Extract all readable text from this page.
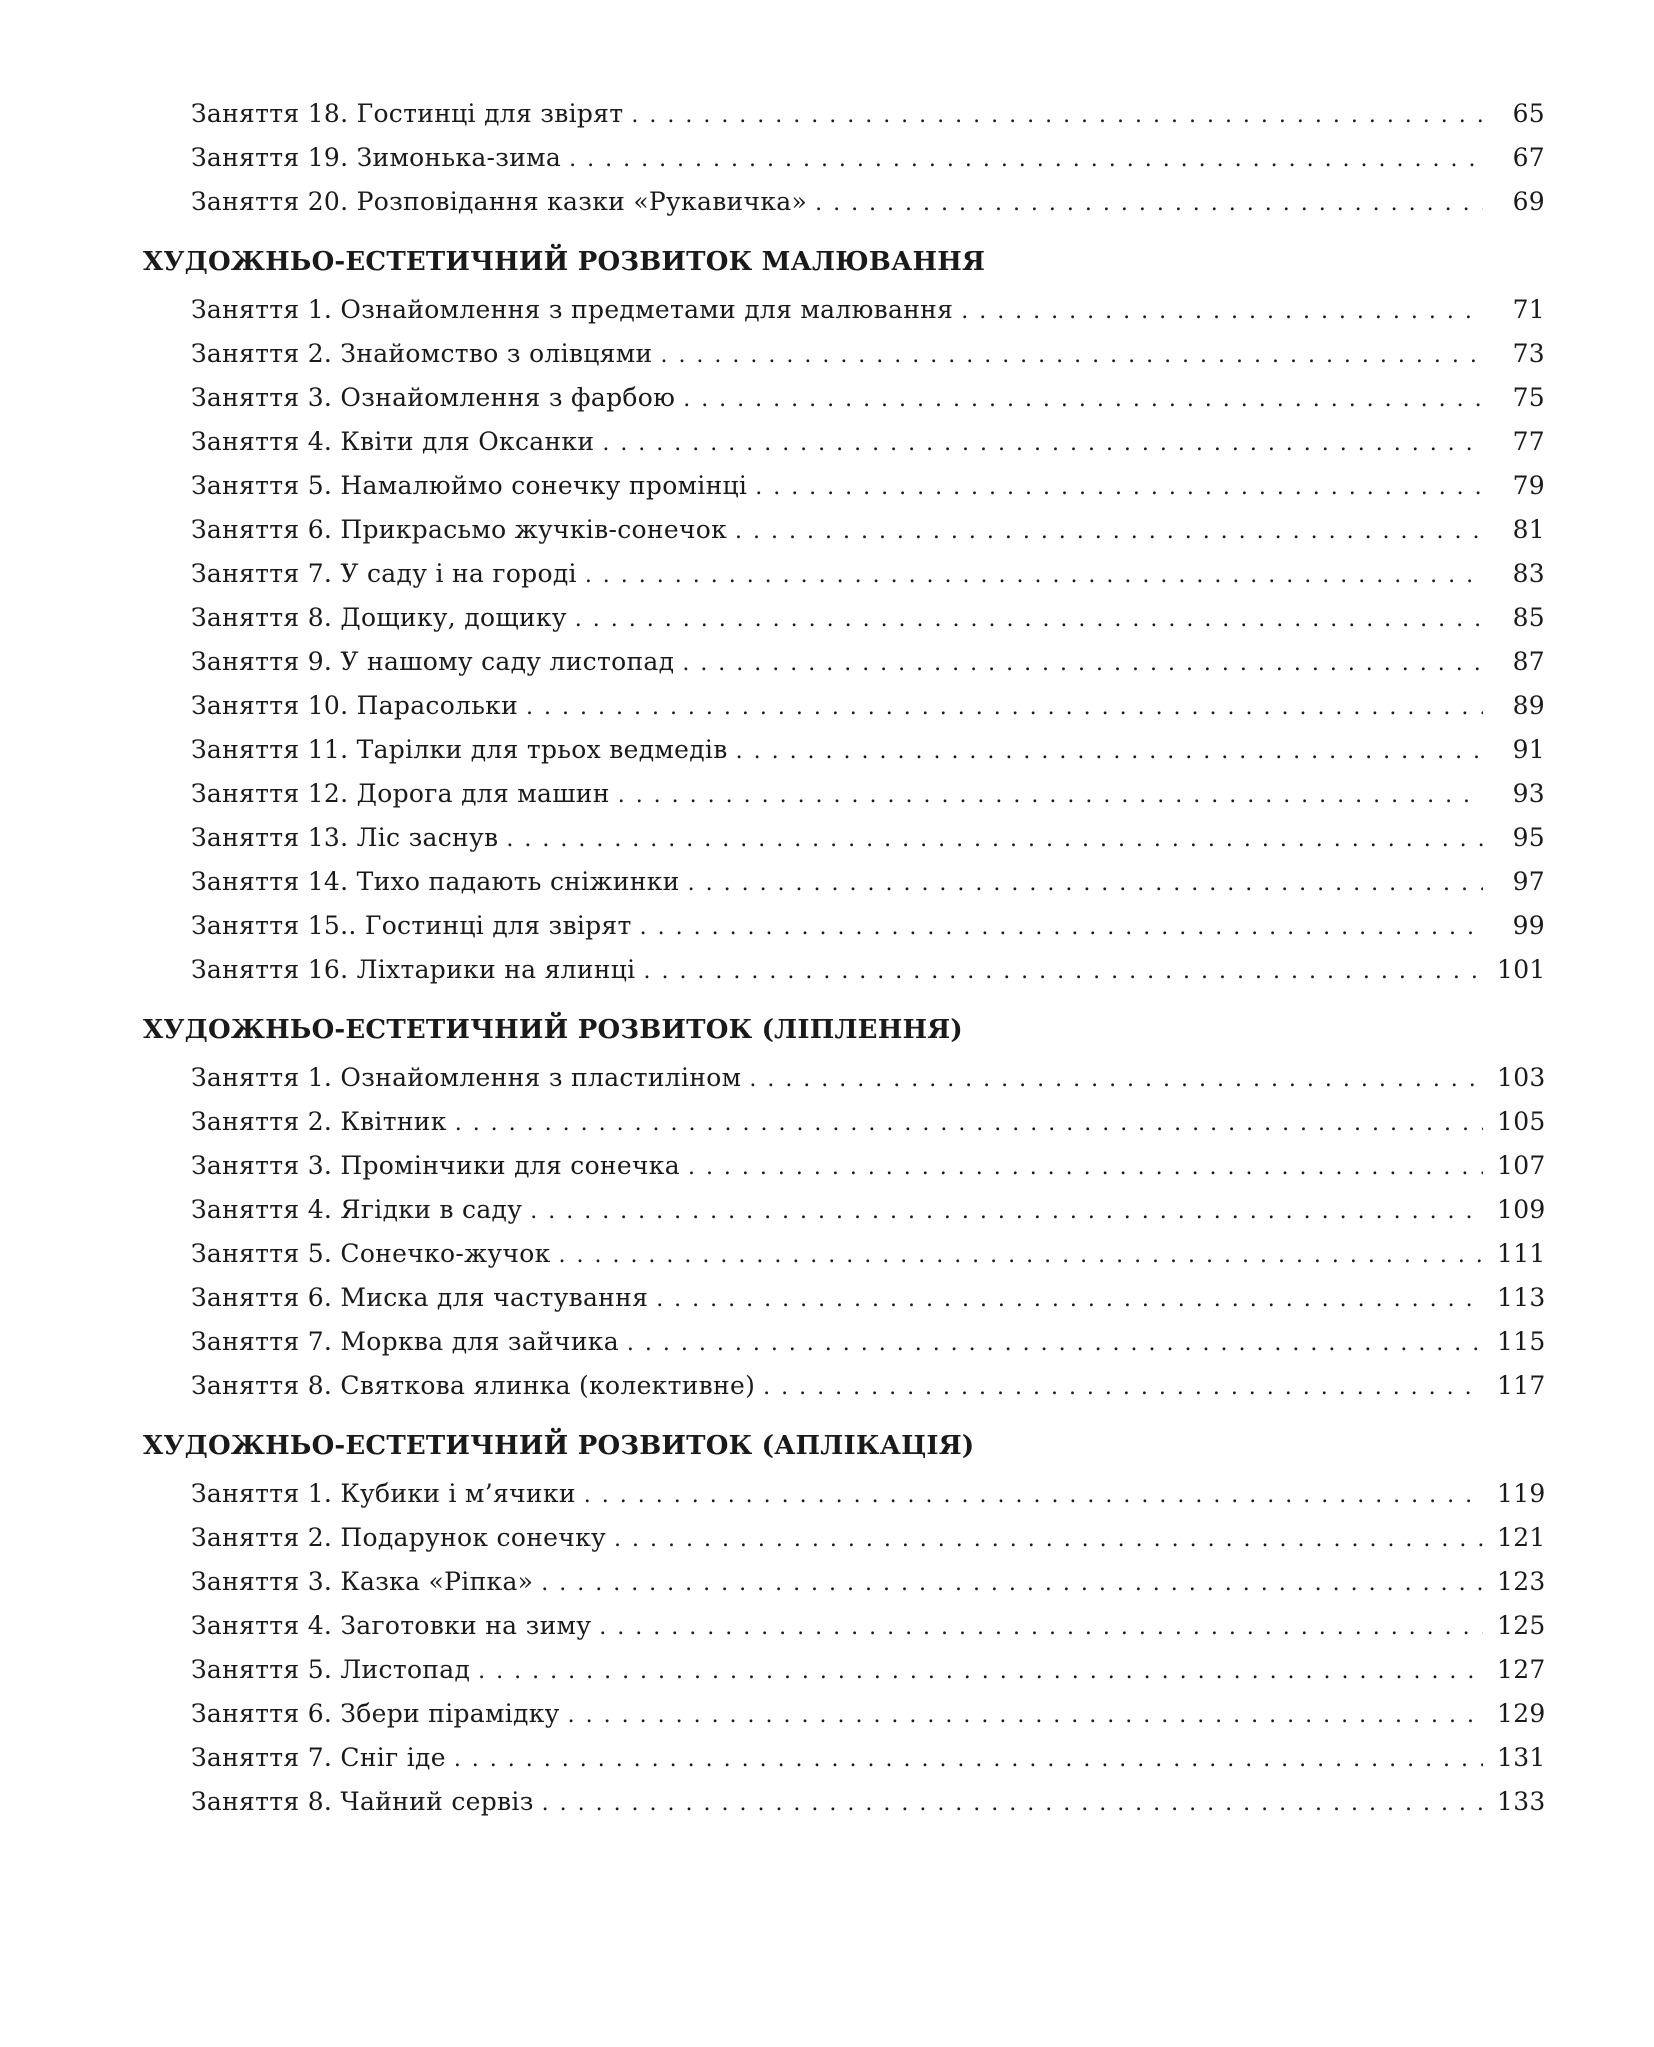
Заняття 18. Гостинці для звірят . . .	65
Заняття 19. Зимонька-зима . . .	67
Заняття 20. Розповідання казки «Рукавичка» . . .	69
ХУДОЖНЬО-ЕСТЕТИЧНИЙ РОЗВИТОК МАЛЮВАННЯ
Заняття 1. Ознайомлення з предметами для малювання . . .	71
Заняття 2. Знайомство з олівцями . . .	73
Заняття 3. Ознайомлення з фарбою . . .	75
Заняття 4. Квіти для Оксанки . . .	77
Заняття 5. Намалюймо сонечку промінці . . .	79
Заняття 6. Прикрасьмо жучків-сонечок . . .	81
Заняття 7. У саду і на городі . . .	83
Заняття 8. Дощику, дощику . . .	85
Заняття 9. У нашому саду листопад . . .	87
Заняття 10. Парасольки . . .	89
Заняття 11. Тарілки для трьох ведмедів . . .	91
Заняття 12. Дорога для машин . . .	93
Заняття 13. Ліс заснув . . .	95
Заняття 14. Тихо падають сніжинки . . .	97
Заняття 15.. Гостинці для звірят . . .	99
Заняття 16. Ліхтарики на ялинці . . .	101
ХУДОЖНЬО-ЕСТЕТИЧНИЙ РОЗВИТОК (ЛІПЛЕННЯ)
Заняття 1. Ознайомлення з пластиліном . . .	103
Заняття 2. Квітник . . .	105
Заняття 3. Промінчики для сонечка . . .	107
Заняття 4. Ягідки в саду . . .	109
Заняття 5. Сонечко-жучок . . .	111
Заняття 6. Миска для частування . . .	113
Заняття 7. Морква для зайчика . . .	115
Заняття 8. Святкова ялинка (колективне) . . .	117
ХУДОЖНЬО-ЕСТЕТИЧНИЙ РОЗВИТОК (АПЛІКАЦІЯ)
Заняття 1. Кубики і м’ячики . . .	119
Заняття 2. Подарунок сонечку . . .	121
Заняття 3. Казка «Ріпка» . . .	123
Заняття 4. Заготовки на зиму . . .	125
Заняття 5. Листопад . . .	127
Заняття 6. Збери пірамідку . . .	129
Заняття 7. Сніг іде . . .	131
Заняття 8. Чайний сервіз . . .	133
